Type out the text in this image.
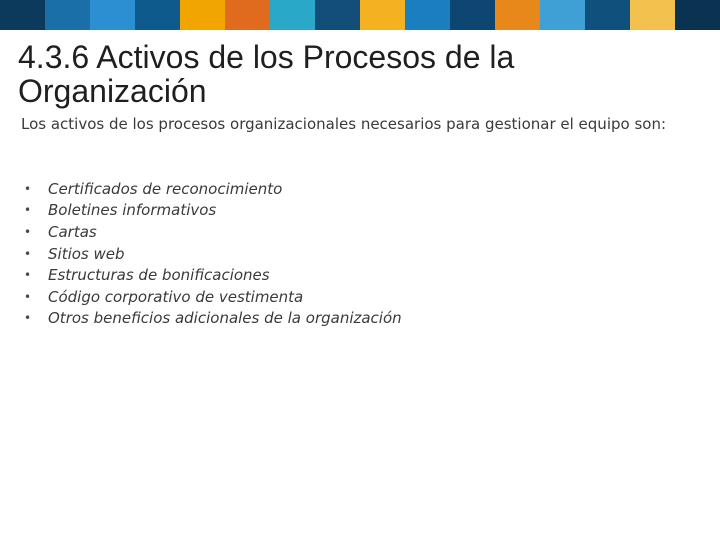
4.3.6 Activos de los Procesos de la Organización

Los activos de los procesos organizacionales necesarios para gestionar el equipo son:

•	Certificados de reconocimiento
•	Boletines informativos
•	Cartas
•	Sitios web
•	Estructuras de bonificaciones
•	Código corporativo de vestimenta
•	Otros beneficios adicionales de la organización
